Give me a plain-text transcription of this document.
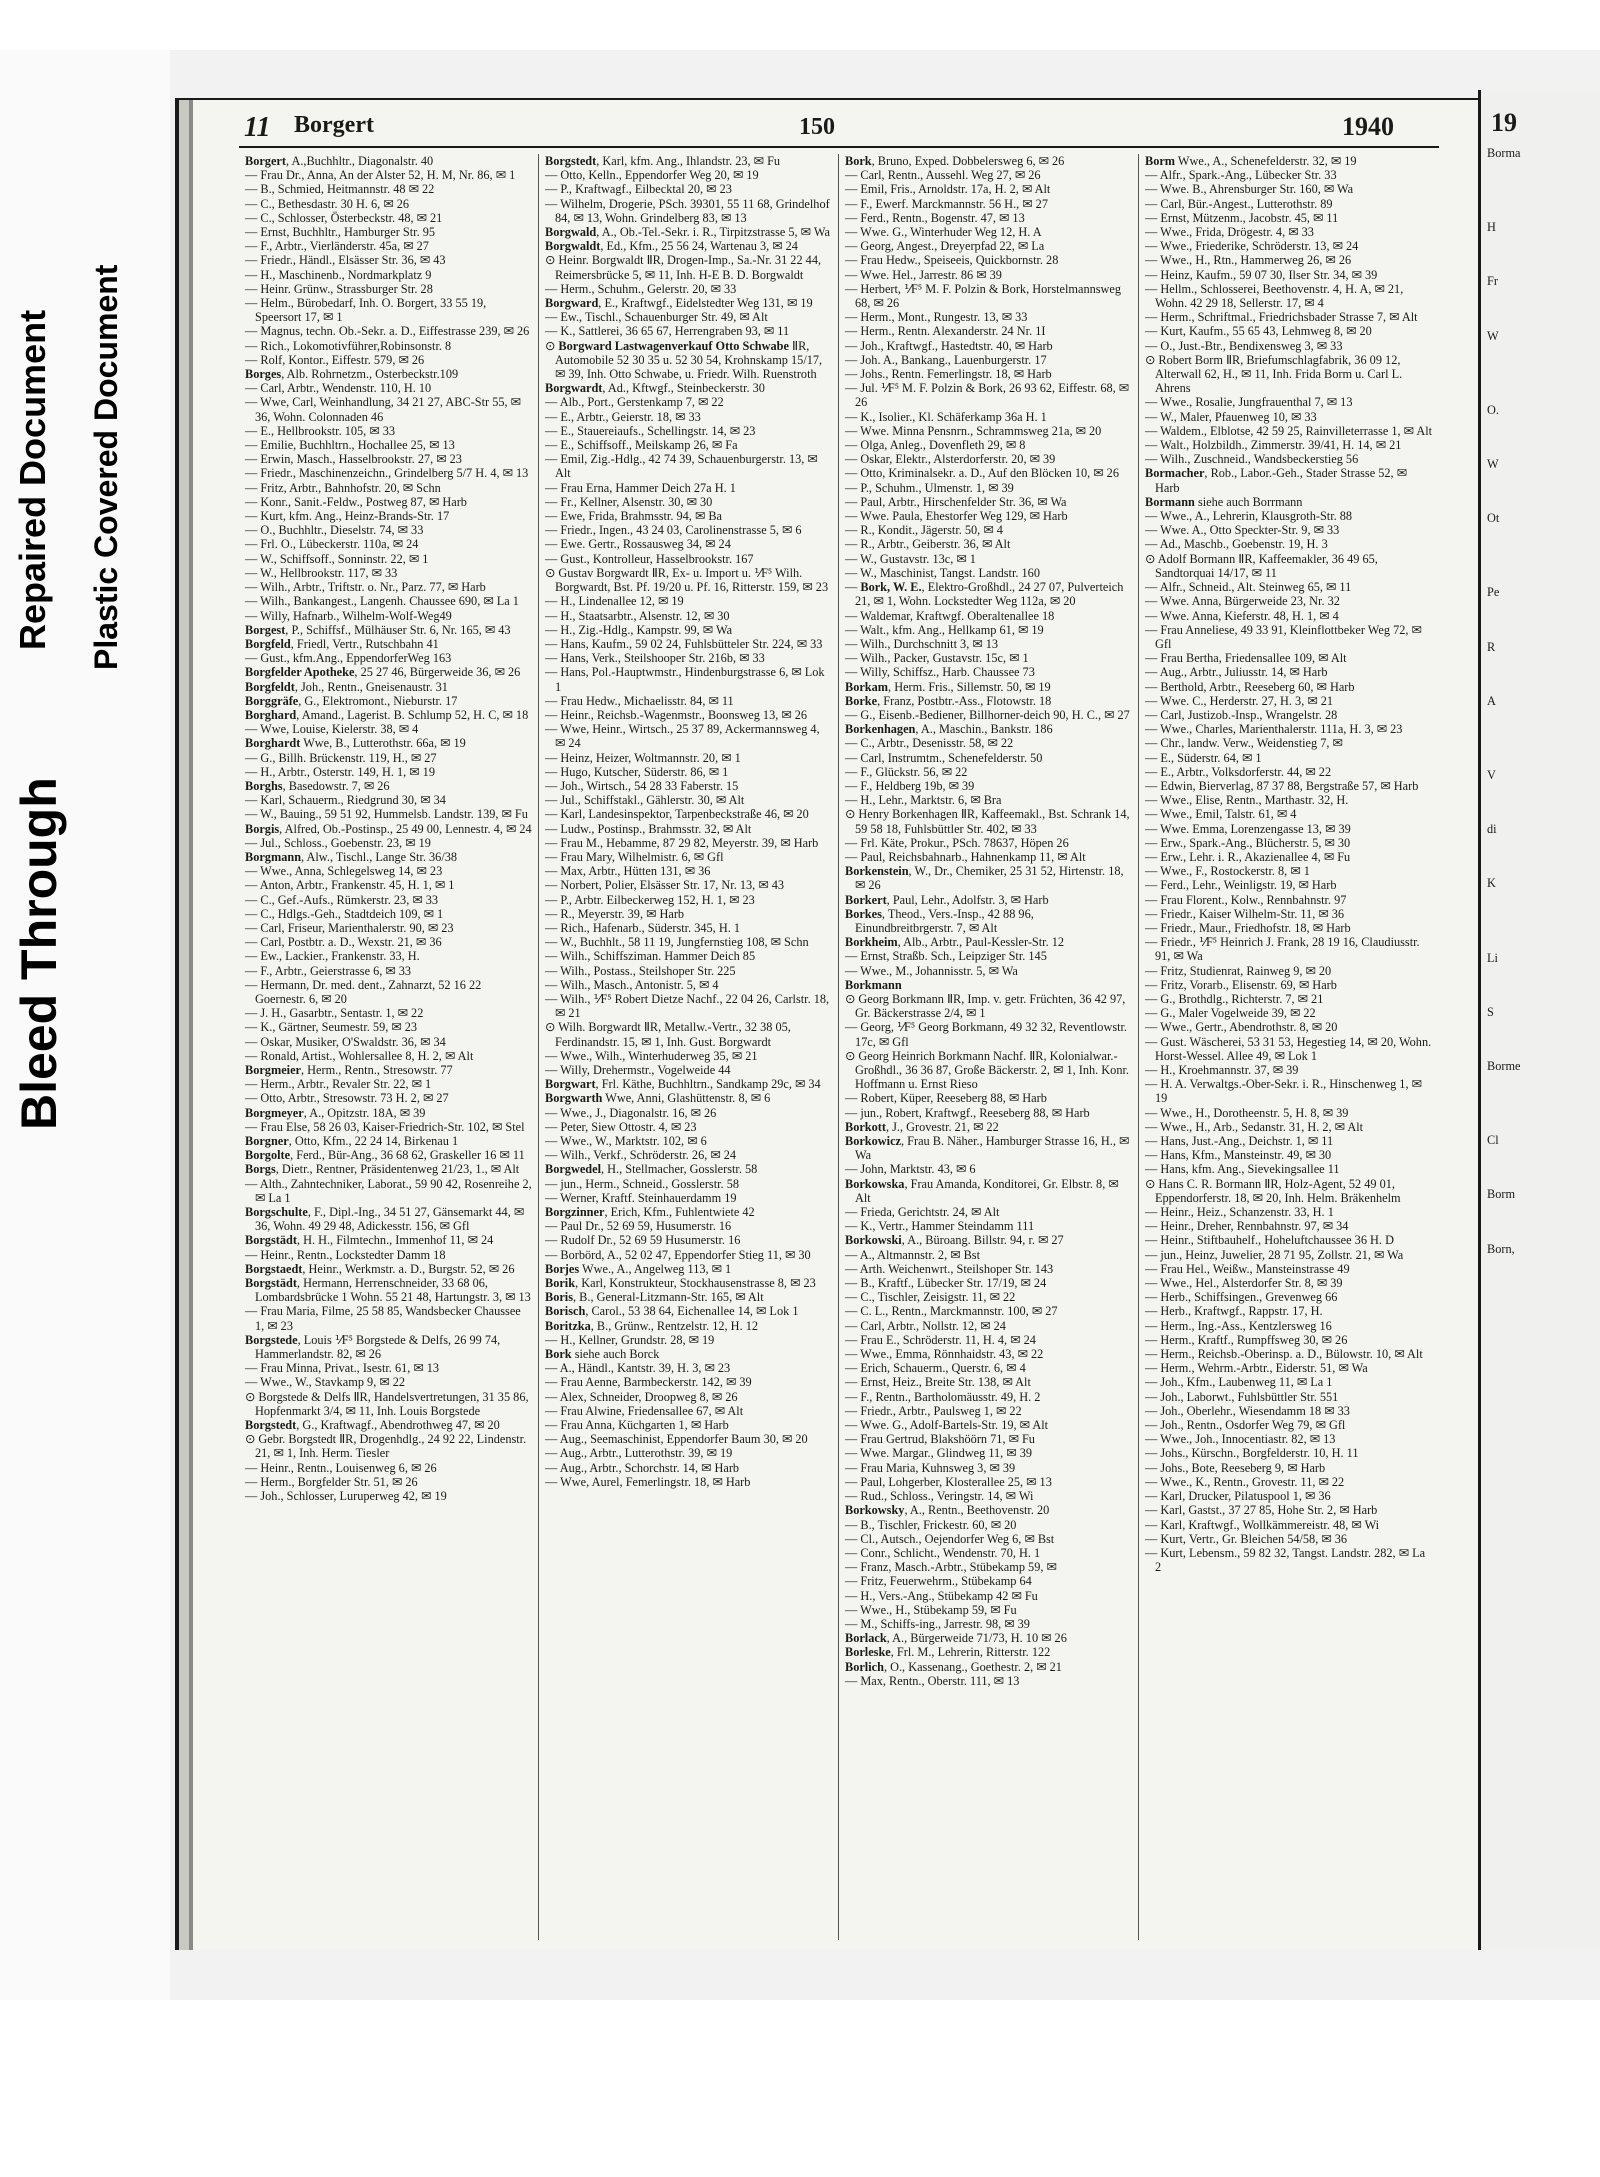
Bleed Through
Repaired Document Plastic Covered Document
11 Borgert	150	1940

Borgert, A.,Buchhltr., Diagonalstr. 40

— Frau Dr., Anna, An der Alster 52, H. M, Nr. 86, ✉ 1

— B., Schmied, Heitmannstr. 48 ✉ 22

— C., Bethesdastr. 30 H. 6, ✉ 26

— C., Schlosser, Österbeckstr. 48, ✉ 21

— Ernst, Buchhltr., Hamburger Str. 95

— F., Arbtr., Vierländerstr. 45a, ✉ 27

— Friedr., Händl., Elsässer Str. 36, ✉ 43

— H., Maschinenb., Nordmarkplatz 9

— Heinr. Grünw., Strassburger Str. 28

— Helm., Bürobedarf, Inh. O. Borgert, 33 55 19, Speersort 17, ✉ 1

— Magnus, techn. Ob.-Sekr. a. D., Eiffestrasse 239, ✉ 26

— Rich., Lokomotivführer,Robinsonstr. 8

— Rolf, Kontor., Eiffestr. 579, ✉ 26

Borges, Alb. Rohrnetzm., Osterbeckstr.109

— Carl, Arbtr., Wendenstr. 110, H. 10

— Wwe, Carl, Weinhandlung, 34 21 27, ABC-Str 55, ✉ 36, Wohn. Colonnaden 46

— E., Hellbrookstr. 105, ✉ 33

— Emilie, Buchhltrn., Hochallee 25, ✉ 13

— Erwin, Masch., Hasselbrookstr. 27, ✉ 23

— Friedr., Maschinenzeichn., Grindelberg 5/7 H. 4, ✉ 13

— Fritz, Arbtr., Bahnhofstr. 20, ✉ Schn

— Konr., Sanit.-Feldw., Postweg 87, ✉ Harb

— Kurt, kfm. Ang., Heinz-Brands-Str. 17

— O., Buchhltr., Dieselstr. 74, ✉ 33

— Frl. O., Lübeckerstr. 110a, ✉ 24

— W., Schiffsoff., Sonninstr. 22, ✉ 1

— W., Hellbrookstr. 117, ✉ 33

— Wilh., Arbtr., Triftstr. o. Nr., Parz. 77, ✉ Harb

— Wilh., Bankangest., Langenh. Chaussee 690, ✉ La 1

— Willy, Hafnarb., Wilhelm-Wolf-Weg49

Borgest, P., Schiffsf., Mülhäuser Str. 6, Nr. 165, ✉ 43

Borgfeld, Friedl, Vertr., Rutschbahn 41

— Gust., kfm.Ang., EppendorferWeg 163

Borgfelder Apotheke, 25 27 46, Bürgerweide 36, ✉ 26

Borgfeldt, Joh., Rentn., Gneisenaustr. 31

Borggräfe, G., Elektromont., Nieburstr. 17

Borghard, Amand., Lagerist. B. Schlump 52, H. C, ✉ 18

— Wwe, Louise, Kielerstr. 38, ✉ 4

Borghardt Wwe, B., Lutterothstr. 66a, ✉ 19

— G., Billh. Brückenstr. 119, H., ✉ 27

— H., Arbtr., Osterstr. 149, H. 1, ✉ 19

Borghs, Basedowstr. 7, ✉ 26

— Karl, Schauerm., Riedgrund 30, ✉ 34

— W., Bauing., 59 51 92, Hummelsb. Landstr. 139, ✉ Fu

Borgis, Alfred, Ob.-Postinsp., 25 49 00, Lennestr. 4, ✉ 24

— Jul., Schloss., Goebenstr. 23, ✉ 19

Borgmann, Alw., Tischl., Lange Str. 36/38

— Wwe., Anna, Schlegelsweg 14, ✉ 23

— Anton, Arbtr., Frankenstr. 45, H. 1, ✉ 1

— C., Gef.-Aufs., Rümkerstr. 23, ✉ 33

— C., Hdlgs.-Geh., Stadtdeich 109, ✉ 1

— Carl, Friseur, Marienthalerstr. 90, ✉ 23

— Carl, Postbtr. a. D., Wexstr. 21, ✉ 36

— Ew., Lackier., Frankenstr. 33, H.

— F., Arbtr., Geierstrasse 6, ✉ 33

— Hermann, Dr. med. dent., Zahnarzt, 52 16 22 Goernestr. 6, ✉ 20

— J. H., Gasarbtr., Sentastr. 1, ✉ 22

— K., Gärtner, Seumestr. 59, ✉ 23

— Oskar, Musiker, O'Swaldstr. 36, ✉ 34

— Ronald, Artist., Wohlersallee 8, H. 2, ✉ Alt

Borgmeier, Herm., Rentn., Stresowstr. 77

— Herm., Arbtr., Revaler Str. 22, ✉ 1

— Otto, Arbtr., Stresowstr. 73 H. 2, ✉ 27

Borgmeyer, A., Opitzstr. 18A, ✉ 39

— Frau Else, 58 26 03, Kaiser-Friedrich-Str. 102, ✉ Stel

Borgner, Otto, Kfm., 22 24 14, Birkenau 1

Borgolte, Ferd., Bür-Ang., 36 68 62, Graskeller 16 ✉ 11

Borgs, Dietr., Rentner, Präsidentenweg 21/23, 1., ✉ Alt

— Alth., Zahntechniker, Laborat., 59 90 42, Rosenreihe 2, ✉ La 1

Borgschulte, F., Dipl.-Ing., 34 51 27, Gänsemarkt 44, ✉ 36, Wohn. 49 29 48, Adickesstr. 156, ✉ Gfl

Borgstädt, H. H., Filmtechn., Immenhof 11, ✉ 24

— Heinr., Rentn., Lockstedter Damm 18

Borgstaedt, Heinr., Werkmstr. a. D., Burgstr. 52, ✉ 26

Borgstädt, Hermann, Herrenschneider, 33 68 06, Lombardsbrücke 1 Wohn. 55 21 48, Hartungstr. 3, ✉ 13

— Frau Maria, Filme, 25 58 85, Wandsbecker Chaussee 1, ✉ 23

Borgstede, Louis ⅟F⁵ Borgstede & Delfs, 26 99 74, Hammerlandstr. 82, ✉ 26

— Frau Minna, Privat., Isestr. 61, ✉ 13

— Wwe., W., Stavkamp 9, ✉ 22

⊙ Borgstede & Delfs ⅡR, Handelsvertretungen, 31 35 86, Hopfenmarkt 3/4, ✉ 11, Inh. Louis Borgstede

Borgstedt, G., Kraftwagf., Abendrothweg 47, ✉ 20

⊙ Gebr. Borgstedt ⅡR, Drogenhdlg., 24 92 22, Lindenstr. 21, ✉ 1, Inh. Herm. Tiesler

— Heinr., Rentn., Louisenweg 6, ✉ 26

— Herm., Borgfelder Str. 51, ✉ 26

— Joh., Schlosser, Luruperweg 42, ✉ 19

Borgstedt, Karl, kfm. Ang., Ihlandstr. 23, ✉ Fu

— Otto, Kelln., Eppendorfer Weg 20, ✉ 19

— P., Kraftwagf., Eilbecktal 20, ✉ 23

— Wilhelm, Drogerie, PSch. 39301, 55 11 68, Grindelhof 84, ✉ 13, Wohn. Grindelberg 83, ✉ 13

Borgwald, A., Ob.-Tel.-Sekr. i. R., Tirpitzstrasse 5, ✉ Wa

Borgwaldt, Ed., Kfm., 25 56 24, Wartenau 3, ✉ 24

⊙ Heinr. Borgwaldt ⅡR, Drogen-Imp., Sa.-Nr. 31 22 44, Reimersbrücke 5, ✉ 11, Inh. H-E B. D. Borgwaldt

— Herm., Schuhm., Gelerstr. 20, ✉ 33

Borgward, E., Kraftwgf., Eidelstedter Weg 131, ✉ 19

— Ew., Tischl., Schauenburger Str. 49, ✉ Alt

— K., Sattlerei, 36 65 67, Herrengraben 93, ✉ 11

⊙ Borgward Lastwagenverkauf Otto Schwabe ⅡR, Automobile 52 30 35 u. 52 30 54, Krohnskamp 15/17, ✉ 39, Inh. Otto Schwabe, u. Friedr. Wilh. Ruenstroth

Borgwardt, Ad., Kftwgf., Steinbeckerstr. 30

— Alb., Port., Gerstenkamp 7, ✉ 22

— E., Arbtr., Geierstr. 18, ✉ 33

— E., Stauereiaufs., Schellingstr. 14, ✉ 23

— E., Schiffsoff., Meilskamp 26, ✉ Fa

— Emil, Zig.-Hdlg., 42 74 39, Schauenburgerstr. 13, ✉ Alt

— Frau Erna, Hammer Deich 27a H. 1

— Fr., Kellner, Alsenstr. 30, ✉ 30

— Ewe, Frida, Brahmsstr. 94, ✉ Ba

— Friedr., Ingen., 43 24 03, Carolinenstrasse 5, ✉ 6

— Ewe. Gertr., Rossausweg 34, ✉ 24

— Gust., Kontrolleur, Hasselbrookstr. 167

⊙ Gustav Borgwardt ⅡR, Ex- u. Import u. ⅟F⁵ Wilh. Borgwardt, Bst. Pf. 19/20 u. Pf. 16, Ritterstr. 159, ✉ 23

— H., Lindenallee 12, ✉ 19

— H., Staatsarbtr., Alsenstr. 12, ✉ 30

— H., Zig.-Hdlg., Kampstr. 99, ✉ Wa

— Hans, Kaufm., 59 02 24, Fuhlsbütteler Str. 224, ✉ 33

— Hans, Verk., Steilshooper Str. 216b, ✉ 33

— Hans, Pol.-Hauptwmstr., Hindenburgstrasse 6, ✉ Lok 1

— Frau Hedw., Michaelisstr. 84, ✉ 11

— Heinr., Reichsb.-Wagenmstr., Boonsweg 13, ✉ 26

— Wwe, Heinr., Wirtsch., 25 37 89, Ackermannsweg 4, ✉ 24

— Heinz, Heizer, Woltmannstr. 20, ✉ 1

— Hugo, Kutscher, Süderstr. 86, ✉ 1

— Joh., Wirtsch., 54 28 33 Faberstr. 15

— Jul., Schiffstakl., Gählerstr. 30, ✉ Alt

— Karl, Landesinspektor, Tarpenbeckstraße 46, ✉ 20

— Ludw., Postinsp., Brahmsstr. 32, ✉ Alt

— Frau M., Hebamme, 87 29 82, Meyerstr. 39, ✉ Harb

— Frau Mary, Wilhelmistr. 6, ✉ Gfl

— Max, Arbtr., Hütten 131, ✉ 36

— Norbert, Polier, Elsässer Str. 17, Nr. 13, ✉ 43

— P., Arbtr. Eilbeckerweg 152, H. 1, ✉ 23

— R., Meyerstr. 39, ✉ Harb

— Rich., Hafenarb., Süderstr. 345, H. 1

— W., Buchhlt., 58 11 19, Jungfernstieg 108, ✉ Schn

— Wilh., Schiffsziman. Hammer Deich 85

— Wilh., Postass., Steilshoper Str. 225

— Wilh., Masch., Antonistr. 5, ✉ 4

— Wilh., ⅟F⁵ Robert Dietze Nachf., 22 04 26, Carlstr. 18, ✉ 21

⊙ Wilh. Borgwardt ⅡR, Metallw.-Vertr., 32 38 05, Ferdinandstr. 15, ✉ 1, Inh. Gust. Borgwardt

— Wwe., Wilh., Winterhuderweg 35, ✉ 21

— Willy, Drehermstr., Vogelweide 44

Borgwart, Frl. Käthe, Buchhltrn., Sandkamp 29c, ✉ 34

Borgwarth Wwe, Anni, Glashüttenstr. 8, ✉ 6

— Wwe., J., Diagonalstr. 16, ✉ 26

— Peter, Siew Ottostr. 4, ✉ 23

— Wwe., W., Marktstr. 102, ✉ 6

— Wilh., Verkf., Schröderstr. 26, ✉ 24

Borgwedel, H., Stellmacher, Gosslerstr. 58

— jun., Herm., Schneid., Gosslerstr. 58

— Werner, Kraftf. Steinhauerdamm 19

Borgzinner, Erich, Kfm., Fuhlentwiete 42

— Paul Dr., 52 69 59, Husumerstr. 16

— Rudolf Dr., 52 69 59 Husumerstr. 16

— Borbörd, A., 52 02 47, Eppendorfer Stieg 11, ✉ 30

Borjes Wwe., A., Angelweg 113, ✉ 1

Borik, Karl, Konstrukteur, Stockhausenstrasse 8, ✉ 23

Boris, B., General-Litzmann-Str. 165, ✉ Alt

Borisch, Carol., 53 38 64, Eichenallee 14, ✉ Lok 1

Boritzka, B., Grünw., Rentzelstr. 12, H. 12

— H., Kellner, Grundstr. 28, ✉ 19

Bork siehe auch Borck

— A., Händl., Kantstr. 39, H. 3, ✉ 23

— Frau Aenne, Barmbeckerstr. 142, ✉ 39

— Alex, Schneider, Droopweg 8, ✉ 26

— Frau Alwine, Friedensallee 67, ✉ Alt

— Frau Anna, Küchgarten 1, ✉ Harb

— Aug., Seemaschinist, Eppendorfer Baum 30, ✉ 20

— Aug., Arbtr., Lutterothstr. 39, ✉ 19

— Aug., Arbtr., Schorchstr. 14, ✉ Harb

— Wwe, Aurel, Femerlingstr. 18, ✉ Harb

Bork, Bruno, Exped. Dobbelersweg 6, ✉ 26

— Carl, Rentn., Aussehl. Weg 27, ✉ 26

— Emil, Fris., Arnoldstr. 17a, H. 2, ✉ Alt

— F., Ewerf. Marckmannstr. 56 H., ✉ 27

— Ferd., Rentn., Bogenstr. 47, ✉ 13

— Wwe. G., Winterhuder Weg 12, H. A

— Georg, Angest., Dreyerpfad 22, ✉ La

— Frau Hedw., Speiseeis, Quickbornstr. 28

— Wwe. Hel., Jarrestr. 86 ✉ 39

— Herbert, ⅟F⁵ M. F. Polzin & Bork, Horstelmannsweg 68, ✉ 26

— Herm., Mont., Rungestr. 13, ✉ 33

— Herm., Rentn. Alexanderstr. 24 Nr. 1I

— Joh., Kraftwgf., Hastedtstr. 40, ✉ Harb

— Joh. A., Bankang., Lauenburgerstr. 17

— Johs., Rentn. Femerlingstr. 18, ✉ Harb

— Jul. ⅟F⁵ M. F. Polzin & Bork, 26 93 62, Eiffestr. 68, ✉ 26

— K., Isolier., Kl. Schäferkamp 36a H. 1

— Wwe. Minna Pensnrn., Schrammsweg 21a, ✉ 20

— Olga, Anleg., Dovenfleth 29, ✉ 8

— Oskar, Elektr., Alsterdorferstr. 20, ✉ 39

— Otto, Kriminalsekr. a. D., Auf den Blöcken 10, ✉ 26

— P., Schuhm., Ulmenstr. 1, ✉ 39

— Paul, Arbtr., Hirschenfelder Str. 36, ✉ Wa

— Wwe. Paula, Ehestorfer Weg 129, ✉ Harb

— R., Kondit., Jägerstr. 50, ✉ 4

— R., Arbtr., Geiberstr. 36, ✉ Alt

— W., Gustavstr. 13c, ✉ 1

— W., Maschinist, Tangst. Landstr. 160

— Bork, W. E., Elektro-Großhdl., 24 27 07, Pulverteich 21, ✉ 1, Wohn. Lockstedter Weg 112a, ✉ 20

— Waldemar, Kraftwgf. Oberaltenallee 18

— Walt., kfm. Ang., Hellkamp 61, ✉ 19

— Wilh., Durchschnitt 3, ✉ 13

— Wilh., Packer, Gustavstr. 15c, ✉ 1

— Willy, Schiffsz., Harb. Chaussee 73

Borkam, Herm. Fris., Sillemstr. 50, ✉ 19

Borke, Franz, Postbtr.-Ass., Flotowstr. 18

— G., Eisenb.-Bediener, Billhorner-deich 90, H. C., ✉ 27

Borkenhagen, A., Maschin., Bankstr. 186

— C., Arbtr., Desenisstr. 58, ✉ 22

— Carl, Instrumtm., Schenefelderstr. 50

— F., Glückstr. 56, ✉ 22

— F., Heldberg 19b, ✉ 39

— H., Lehr., Marktstr. 6, ✉ Bra

⊙ Henry Borkenhagen ⅡR, Kaffeemakl., Bst. Schrank 14, 59 58 18, Fuhlsbüttler Str. 402, ✉ 33

— Frl. Käte, Prokur., PSch. 78637, Höpen 26

— Paul, Reichsbahnarb., Hahnenkamp 11, ✉ Alt

Borkenstein, W., Dr., Chemiker, 25 31 52, Hirtenstr. 18, ✉ 26

Borkert, Paul, Lehr., Adolfstr. 3, ✉ Harb

Borkes, Theod., Vers.-Insp., 42 88 96, Einundbreitbrgerstr. 7, ✉ Alt

Borkheim, Alb., Arbtr., Paul-Kessler-Str. 12

— Ernst, Straßb. Sch., Leipziger Str. 145

— Wwe., M., Johannisstr. 5, ✉ Wa

Borkmann

⊙ Georg Borkmann ⅡR, Imp. v. getr. Früchten, 36 42 97, Gr. Bäckerstrasse 2/4, ✉ 1

— Georg, ⅟F⁵ Georg Borkmann, 49 32 32, Reventlowstr. 17c, ✉ Gfl

⊙ Georg Heinrich Borkmann Nachf. ⅡR, Kolonialwar.-Großhdl., 36 36 87, Große Bäckerstr. 2, ✉ 1, Inh. Konr. Hoffmann u. Ernst Rieso

— Robert, Küper, Reeseberg 88, ✉ Harb

— jun., Robert, Kraftwgf., Reeseberg 88, ✉ Harb

Borkott, J., Grovestr. 21, ✉ 22

Borkowicz, Frau B. Näher., Hamburger Strasse 16, H., ✉ Wa

— John, Marktstr. 43, ✉ 6

Borkowska, Frau Amanda, Konditorei, Gr. Elbstr. 8, ✉ Alt

— Frieda, Gerichtstr. 24, ✉ Alt

— K., Vertr., Hammer Steindamm 111

Borkowski, A., Büroang. Billstr. 94, r. ✉ 27

— A., Altmannstr. 2, ✉ Bst

— Arth. Weichenwrt., Steilshoper Str. 143

— B., Kraftf., Lübecker Str. 17/19, ✉ 24

— C., Tischler, Zeisigstr. 11, ✉ 22

— C. L., Rentn., Marckmannstr. 100, ✉ 27

— Carl, Arbtr., Nollstr. 12, ✉ 24

— Frau E., Schröderstr. 11, H. 4, ✉ 24

— Wwe., Emma, Rönnhaidstr. 43, ✉ 22

— Erich, Schauerm., Querstr. 6, ✉ 4

— Ernst, Heiz., Breite Str. 138, ✉ Alt

— F., Rentn., Bartholomäusstr. 49, H. 2

— Friedr., Arbtr., Paulsweg 1, ✉ 22

— Wwe. G., Adolf-Bartels-Str. 19, ✉ Alt

— Frau Gertrud, Blakshöörn 71, ✉ Fu

— Wwe. Margar., Glindweg 11, ✉ 39

— Frau Maria, Kuhnsweg 3, ✉ 39

— Paul, Lohgerber, Klosterallee 25, ✉ 13

— Rud., Schloss., Veringstr. 14, ✉ Wi

Borkowsky, A., Rentn., Beethovenstr. 20

— B., Tischler, Frickestr. 60, ✉ 20

— Cl., Autsch., Oejendorfer Weg 6, ✉ Bst

— Conr., Schlicht., Wendenstr. 70, H. 1

— Franz, Masch.-Arbtr., Stübekamp 59, ✉

— Fritz, Feuerwehrm., Stübekamp 64

— H., Vers.-Ang., Stübekamp 42 ✉ Fu

— Wwe., H., Stübekamp 59, ✉ Fu

— M., Schiffs-ing., Jarrestr. 98, ✉ 39

Borlack, A., Bürgerweide 71/73, H. 10 ✉ 26

Borleske, Frl. M., Lehrerin, Ritterstr. 122

Borlich, O., Kassenang., Goethestr. 2, ✉ 21

— Max, Rentn., Oberstr. 111, ✉ 13

Borm Wwe., A., Schenefelderstr. 32, ✉ 19

— Alfr., Spark.-Ang., Lübecker Str. 33

— Wwe. B., Ahrensburger Str. 160, ✉ Wa

— Carl, Bür.-Angest., Lutterothstr. 89

— Ernst, Mützenm., Jacobstr. 45, ✉ 11

— Wwe., Frida, Drögestr. 4, ✉ 33

— Wwe., Friederike, Schröderstr. 13, ✉ 24

— Wwe., H., Rtn., Hammerweg 26, ✉ 26

— Heinz, Kaufm., 59 07 30, Ilser Str. 34, ✉ 39

— Hellm., Schlosserei, Beethovenstr. 4, H. A, ✉ 21, Wohn. 42 29 18, Sellerstr. 17, ✉ 4

— Herm., Schriftmal., Friedrichsbader Strasse 7, ✉ Alt

— Kurt, Kaufm., 55 65 43, Lehmweg 8, ✉ 20

— O., Just.-Btr., Bendixensweg 3, ✉ 33

⊙ Robert Borm ⅡR, Briefumschlagfabrik, 36 09 12, Alterwall 62, H., ✉ 11, Inh. Frida Borm u. Carl L. Ahrens

— Wwe., Rosalie, Jungfrauenthal 7, ✉ 13

— W., Maler, Pfauenweg 10, ✉ 33

— Waldem., Elblotse, 42 59 25, Rainvilleterrasse 1, ✉ Alt

— Walt., Holzbildh., Zimmerstr. 39/41, H. 14, ✉ 21

— Wilh., Zuschneid., Wandsbeckerstieg 56

Bormacher, Rob., Labor.-Geh., Stader Strasse 52, ✉ Harb

Bormann siehe auch Borrmann

— Wwe., A., Lehrerin, Klausgroth-Str. 88

— Wwe. A., Otto Speckter-Str. 9, ✉ 33

— Ad., Maschb., Goebenstr. 19, H. 3

⊙ Adolf Bormann ⅡR, Kaffeemakler, 36 49 65, Sandtorquai 14/17, ✉ 11

— Alfr., Schneid., Alt. Steinweg 65, ✉ 11

— Wwe. Anna, Bürgerweide 23, Nr. 32

— Wwe. Anna, Kieferstr. 48, H. 1, ✉ 4

— Frau Anneliese, 49 33 91, Kleinflottbeker Weg 72, ✉ Gfl

— Frau Bertha, Friedensallee 109, ✉ Alt

— Aug., Arbtr., Juliusstr. 14, ✉ Harb

— Berthold, Arbtr., Reeseberg 60, ✉ Harb

— Wwe. C., Herderstr. 27, H. 3, ✉ 21

— Carl, Justizob.-Insp., Wrangelstr. 28

— Wwe., Charles, Marienthalerstr. 111a, H. 3, ✉ 23

— Chr., landw. Verw., Weidenstieg 7, ✉

— E., Süderstr. 64, ✉ 1

— E., Arbtr., Volksdorferstr. 44, ✉ 22

— Edwin, Bierverlag, 87 37 88, Bergstraße 57, ✉ Harb

— Wwe., Elise, Rentn., Marthastr. 32, H.

— Wwe., Emil, Talstr. 61, ✉ 4

— Wwe. Emma, Lorenzengasse 13, ✉ 39

— Erw., Spark.-Ang., Blücherstr. 5, ✉ 30

— Erw., Lehr. i. R., Akazienallee 4, ✉ Fu

— Wwe., F., Rostockerstr. 8, ✉ 1

— Ferd., Lehr., Weinligstr. 19, ✉ Harb

— Frau Florent., Kolw., Rennbahnstr. 97

— Friedr., Kaiser Wilhelm-Str. 11, ✉ 36

— Friedr., Maur., Friedhofstr. 18, ✉ Harb

— Friedr., ⅟F⁵ Heinrich J. Frank, 28 19 16, Claudiusstr. 91, ✉ Wa

— Fritz, Studienrat, Rainweg 9, ✉ 20

— Fritz, Vorarb., Elisenstr. 69, ✉ Harb

— G., Brothdlg., Richterstr. 7, ✉ 21

— G., Maler Vogelweide 39, ✉ 22

— Wwe., Gertr., Abendrothstr. 8, ✉ 20

— Gust. Wäscherei, 53 31 53, Hegestieg 14, ✉ 20, Wohn. Horst-Wessel. Allee 49, ✉ Lok 1

— H., Kroehmannstr. 37, ✉ 39

— H. A. Verwaltgs.-Ober-Sekr. i. R., Hinschenweg 1, ✉ 19

— Wwe., H., Dorotheenstr. 5, H. 8, ✉ 39

— Wwe., H., Arb., Sedanstr. 31, H. 2, ✉ Alt

— Hans, Just.-Ang., Deichstr. 1, ✉ 11

— Hans, Kfm., Mansteinstr. 49, ✉ 30

— Hans, kfm. Ang., Sievekingsallee 11

⊙ Hans C. R. Bormann ⅡR, Holz-Agent, 52 49 01, Eppendorferstr. 18, ✉ 20, Inh. Helm. Bräkenhelm

— Heinr., Heiz., Schanzenstr. 33, H. 1

— Heinr., Dreher, Rennbahnstr. 97, ✉ 34

— Heinr., Stiftbauhelf., Hoheluftchaussee 36 H. D

— jun., Heinz, Juwelier, 28 71 95, Zollstr. 21, ✉ Wa

— Frau Hel., Weißw., Mansteinstrasse 49

— Wwe., Hel., Alsterdorfer Str. 8, ✉ 39

— Herb., Schiffsingen., Grevenweg 66

— Herb., Kraftwgf., Rappstr. 17, H.

— Herm., Ing.-Ass., Kentzlersweg 16

— Herm., Kraftf., Rumpffsweg 30, ✉ 26

— Herm., Reichsb.-Oberinsp. a. D., Bülowstr. 10, ✉ Alt

— Herm., Wehrm.-Arbtr., Eiderstr. 51, ✉ Wa

— Joh., Kfm., Laubenweg 11, ✉ La 1

— Joh., Laborwt., Fuhlsbüttler Str. 551

— Joh., Oberlehr., Wiesendamm 18 ✉ 33

— Joh., Rentn., Osdorfer Weg 79, ✉ Gfl

— Wwe., Joh., Innocentiastr. 82, ✉ 13

— Johs., Kürschn., Borgfelderstr. 10, H. 11

— Johs., Bote, Reeseberg 9, ✉ Harb

— Wwe., K., Rentn., Grovestr. 11, ✉ 22

— Karl, Drucker, Pilatuspool 1, ✉ 36

— Karl, Gastst., 37 27 85, Hohe Str. 2, ✉ Harb

— Karl, Kraftwgf., Wollkämmereistr. 48, ✉ Wi

— Kurt, Vertr., Gr. Bleichen 54/58, ✉ 36

— Kurt, Lebensm., 59 82 32, Tangst. Landstr. 282, ✉ La 2

19
Borma
H
Fr
W
O.
W
Ot
Pe
R
A
V
di
K
Li
S
Borme
Cl
Borm
Born,
